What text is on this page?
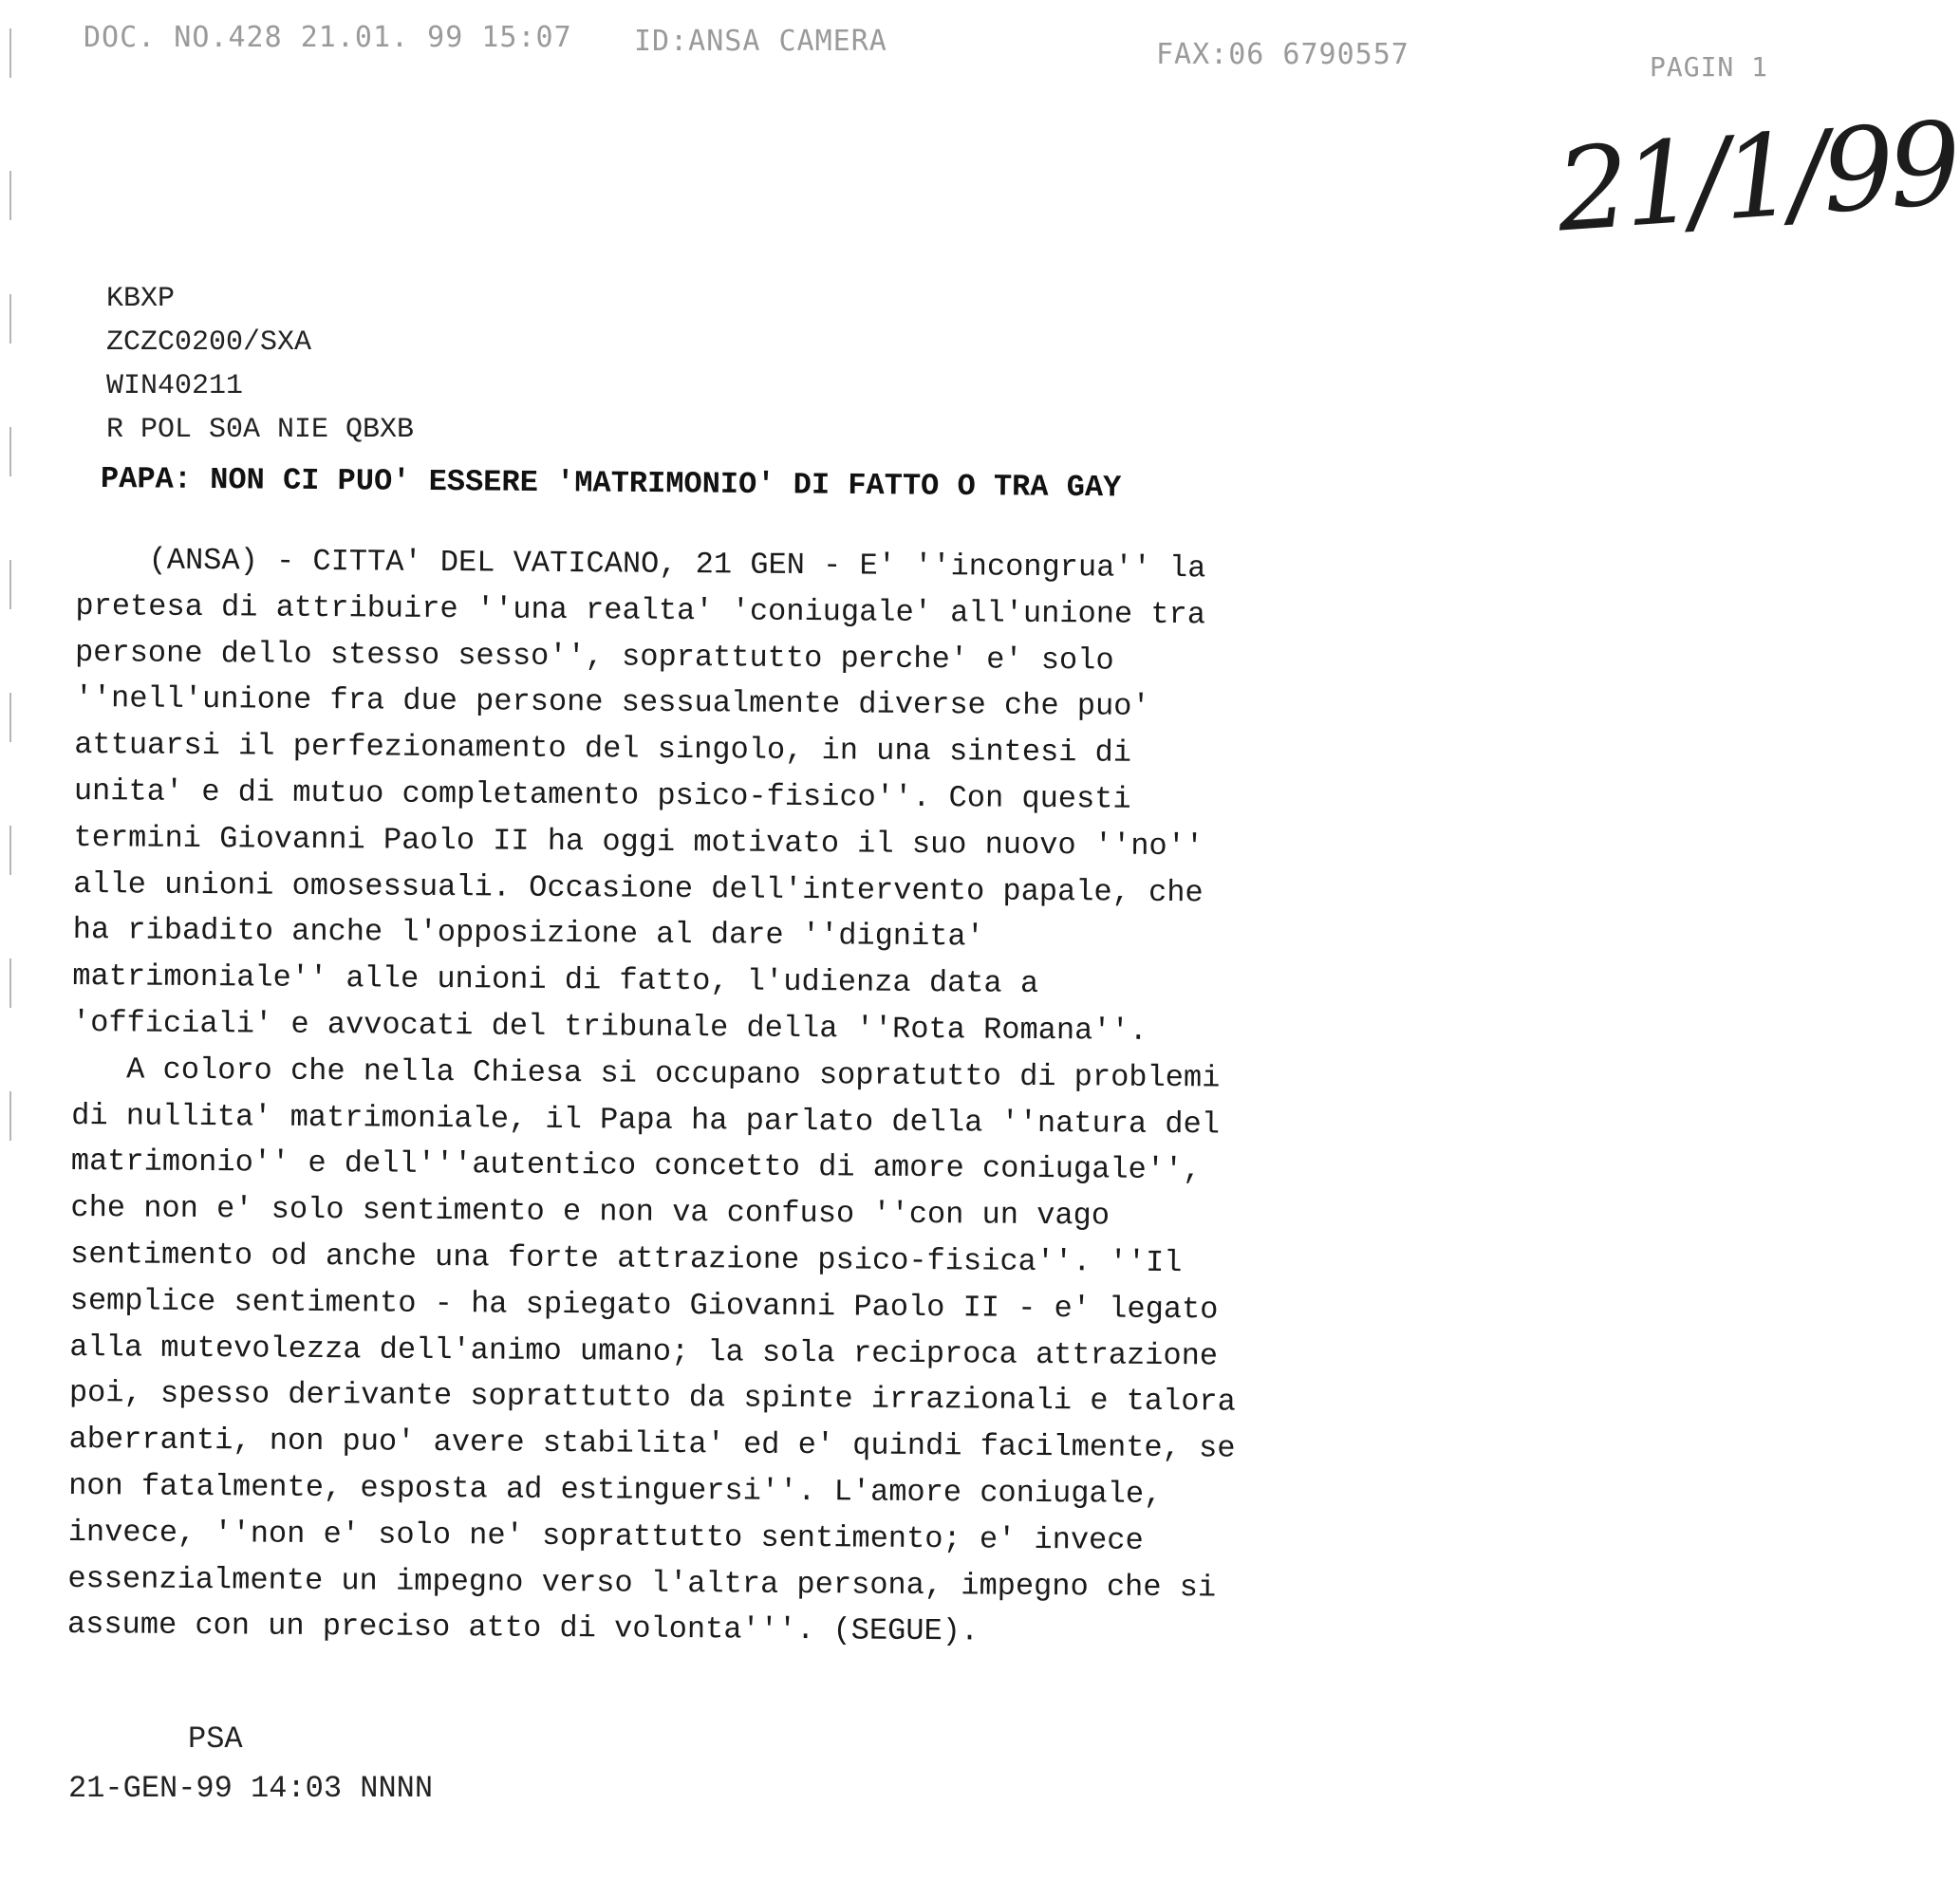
DOC. NO.428 21.01. 99 15:07 ID:ANSA CAMERA	FAX:06 6790557	PAGIN 1
21/1/99
KBXP
ZCZC0200/SXA
WIN40211
R POL S0A NIE QBXB
PAPA: NON CI PUO' ESSERE 'MATRIMONIO' DI FATTO O TRA GAY
(ANSA) - CITTA' DEL VATICANO, 21 GEN - E' ''incongrua'' la
pretesa di attribuire ''una realta' 'coniugale' all'unione tra
persone dello stesso sesso'', soprattutto perche' e' solo
''nell'unione fra due persone sessualmente diverse che puo'
attuarsi il perfezionamento del singolo, in una sintesi di
unita' e di mutuo completamento psico-fisico''. Con questi
termini Giovanni Paolo II ha oggi motivato il suo nuovo ''no''
alle unioni omosessuali. Occasione dell'intervento papale, che
ha ribadito anche l'opposizione al dare ''dignita'
matrimoniale'' alle unioni di fatto, l'udienza data a
'officiali' e avvocati del tribunale della ''Rota Romana''.
A coloro che nella Chiesa si occupano sopratutto di problemi
di nullita' matrimoniale, il Papa ha parlato della ''natura del
matrimonio'' e dell'''autentico concetto di amore coniugale'',
che non e' solo sentimento e non va confuso ''con un vago
sentimento od anche una forte attrazione psico-fisica''. ''Il
semplice sentimento - ha spiegato Giovanni Paolo II - e' legato
alla mutevolezza dell'animo umano; la sola reciproca attrazione
poi, spesso derivante soprattutto da spinte irrazionali e talora
aberranti, non puo' avere stabilita' ed e' quindi facilmente, se
non fatalmente, esposta ad estinguersi''. L'amore coniugale,
invece, ''non e' solo ne' soprattutto sentimento; e' invece
essenzialmente un impegno verso l'altra persona, impegno che si
assume con un preciso atto di volonta'''. (SEGUE).
PSA
21-GEN-99 14:03 NNNN
